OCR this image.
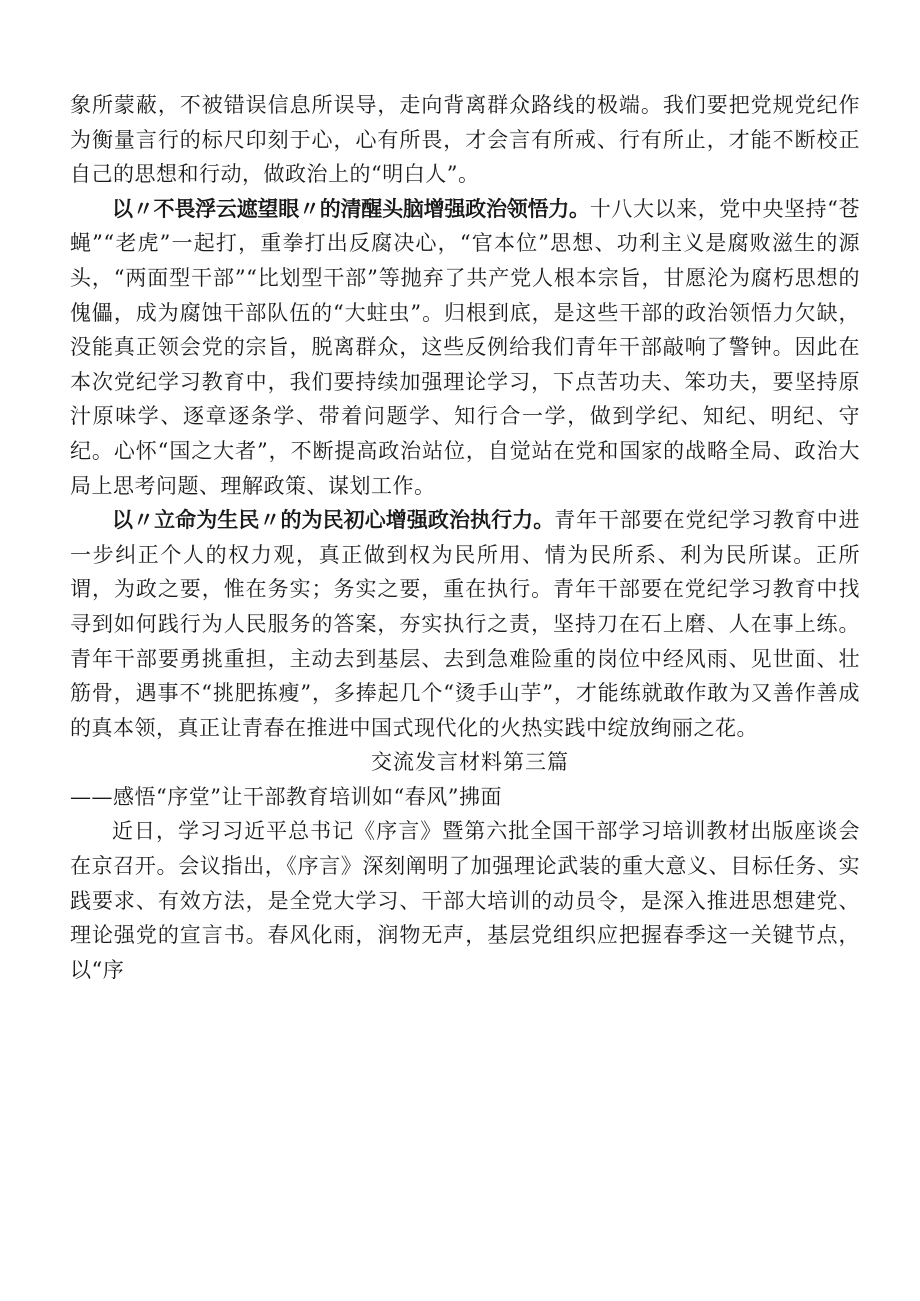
象所蒙蔽，不被错误信息所误导，走向背离群众路线的极端。我们要把党规党纪作为衡量言行的标尺印刻于心，心有所畏，才会言有所戒、行有所止，才能不断校正自己的思想和行动，做政治上的“明白人”。

以〃不畏浮云遮望眼〃的清醒头脑增强政治领悟力。十八大以来，党中央坚持“苍蝇”“老虎”一起打，重拳打出反腐决心，“官本位”思想、功利主义是腐败滋生的源头，“两面型干部”“比划型干部”等抛弃了共产党人根本宗旨，甘愿沦为腐朽思想的傀儡，成为腐蚀干部队伍的“大蛀虫”。归根到底，是这些干部的政治领悟力欠缺，没能真正领会党的宗旨，脱离群众，这些反例给我们青年干部敲响了警钟。因此在本次党纪学习教育中，我们要持续加强理论学习，下点苦功夫、笨功夫，要坚持原汁原味学、逐章逐条学、带着问题学、知行合一学，做到学纪、知纪、明纪、守纪。心怀“国之大者”，不断提高政治站位，自觉站在党和国家的战略全局、政治大局上思考问题、理解政策、谋划工作。

以〃立命为生民〃的为民初心增强政治执行力。青年干部要在党纪学习教育中进一步纠正个人的权力观，真正做到权为民所用、情为民所系、利为民所谋。正所谓，为政之要，惟在务实；务实之要，重在执行。青年干部要在党纪学习教育中找寻到如何践行为人民服务的答案，夯实执行之责，坚持刀在石上磨、人在事上练。青年干部要勇挑重担，主动去到基层、去到急难险重的岗位中经风雨、见世面、壮筋骨，遇事不“挑肥拣瘦”，多捧起几个“烫手山芋”，才能练就敢作敢为又善作善成的真本领，真正让青春在推进中国式现代化的火热实践中绽放绚丽之花。

交流发言材料第三篇

——感悟“序堂”让干部教育培训如“春风”拂面

近日，学习习近平总书记《序言》暨第六批全国干部学习培训教材出版座谈会在京召开。会议指出，《序言》深刻阐明了加强理论武装的重大意义、目标任务、实践要求、有效方法，是全党大学习、干部大培训的动员令，是深入推进思想建党、理论强党的宣言书。春风化雨，润物无声，基层党组织应把握春季这一关键节点，以“序
